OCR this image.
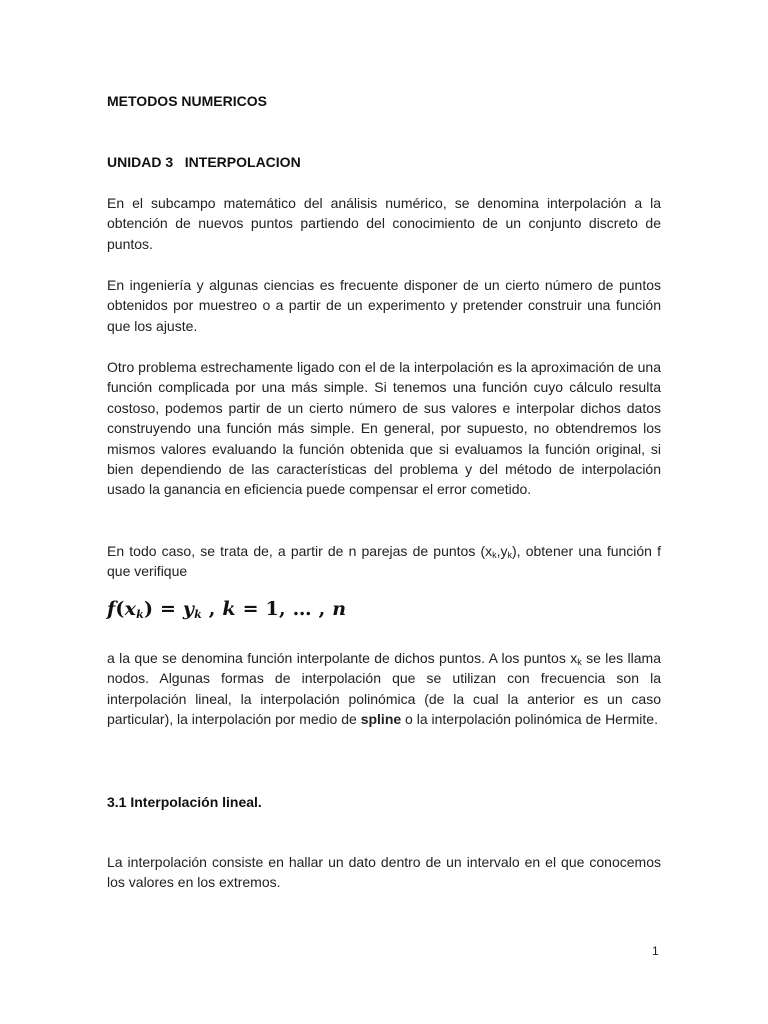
METODOS NUMERICOS
UNIDAD 3   INTERPOLACION

En el subcampo matemático del análisis numérico, se denomina interpolación a la obtención de nuevos puntos partiendo del conocimiento de un conjunto discreto de puntos.

En ingeniería y algunas ciencias es frecuente disponer de un cierto número de puntos obtenidos por muestreo o a partir de un experimento y pretender construir una función que los ajuste.

Otro problema estrechamente ligado con el de la interpolación es la aproximación de una función complicada por una más simple. Si tenemos una función cuyo cálculo resulta costoso, podemos partir de un cierto número de sus valores e interpolar dichos datos construyendo una función más simple. En general, por supuesto, no obtendremos los mismos valores evaluando la función obtenida que si evaluamos la función original, si bien dependiendo de las características del problema y del método de interpolación usado la ganancia en eficiencia puede compensar el error cometido.

En todo caso, se trata de, a partir de n parejas de puntos $(x_k,y_k)$, obtener una función f que verifique

$f(x_k) = y_k$ , k = 1, … , n

a la que se denomina función interpolante de dichos puntos. A los puntos $x_k$ se les llama nodos. Algunas formas de interpolación que se utilizan con frecuencia son la interpolación lineal, la interpolación polinómica (de la cual la anterior es un caso particular), la interpolación por medio de spline o la interpolación polinómica de Hermite.

3.1 Interpolación lineal.

La interpolación consiste en hallar un dato dentro de un intervalo en el que conocemos los valores en los extremos.

1
